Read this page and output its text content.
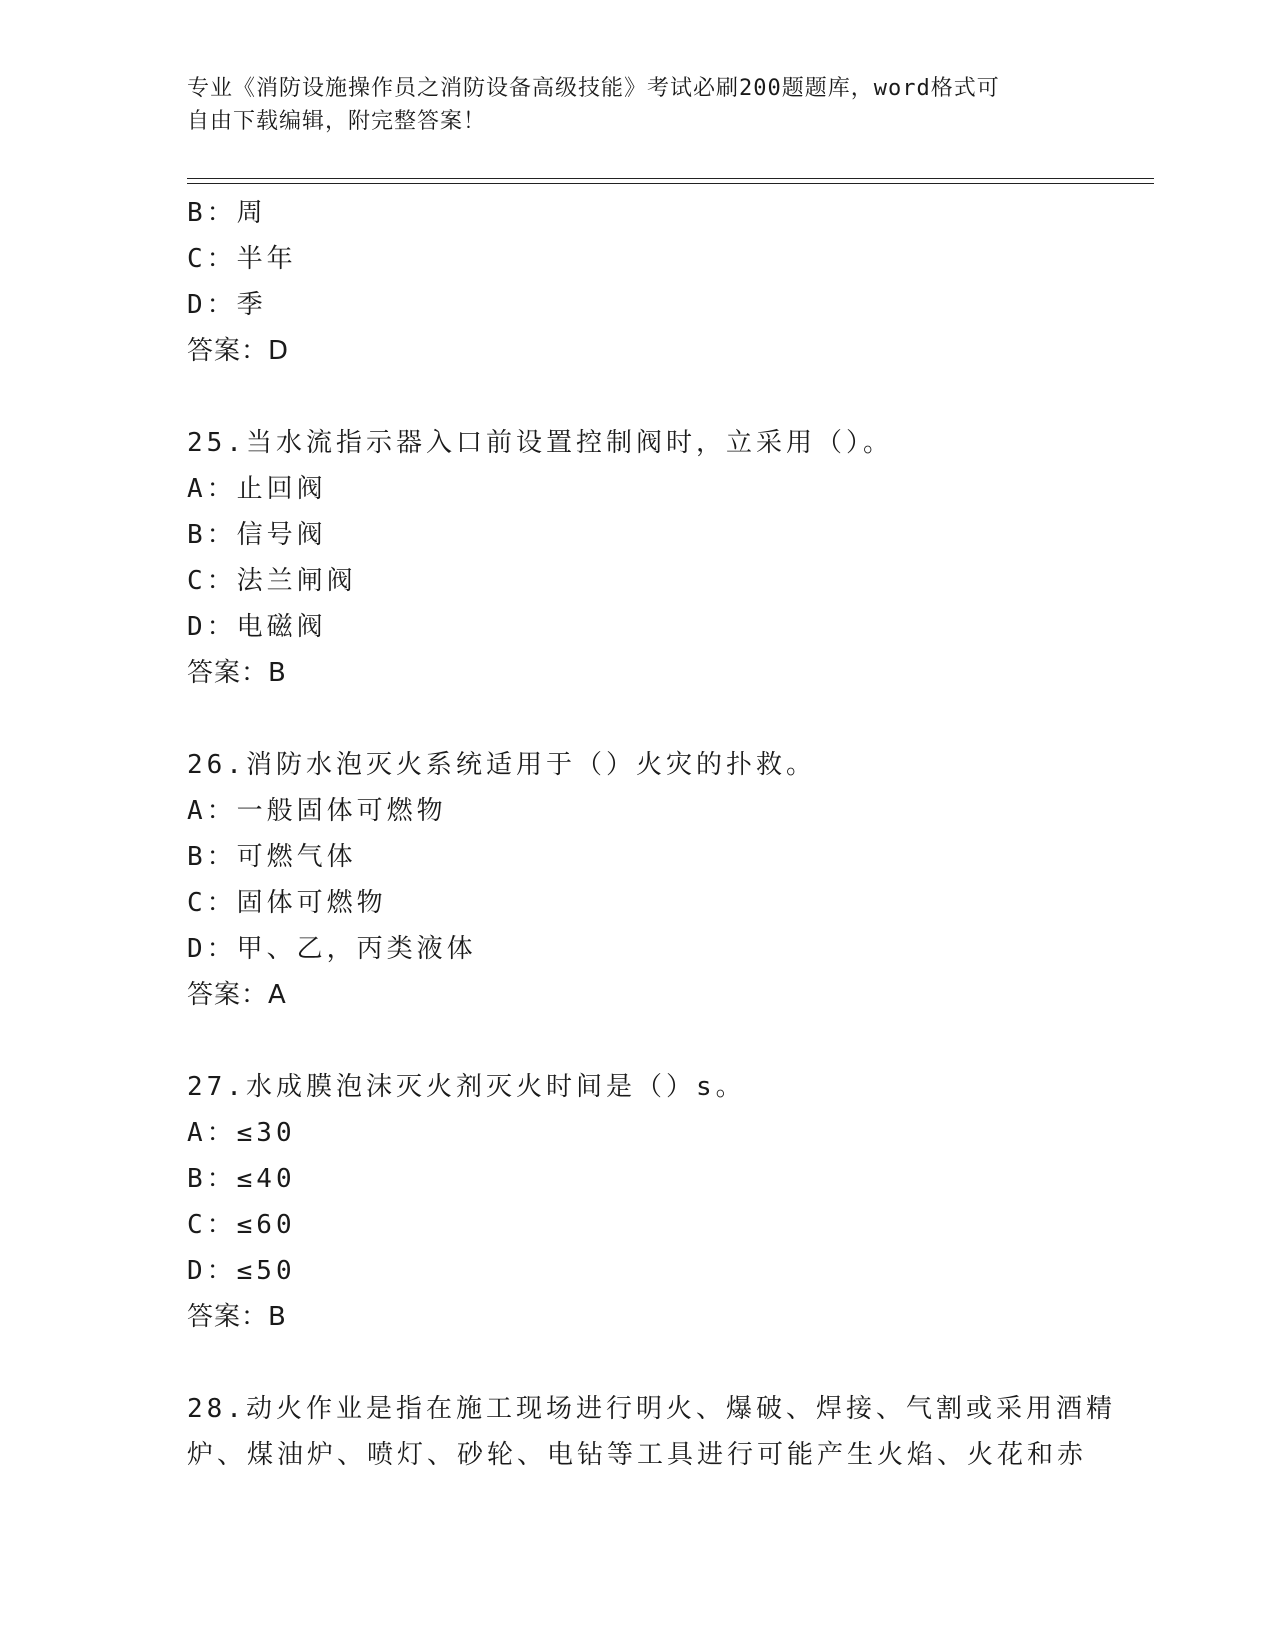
专业《消防设施操作员之消防设备高级技能》考试必刷200题题库，word格式可
自由下载编辑，附完整答案！
B：周
C：半年
D：季
答案：D
25.当水流指示器入口前设置控制阀时，立采用（）。
A：止回阀
B：信号阀
C：法兰闸阀
D：电磁阀
答案：B
26.消防水泡灭火系统适用于（）火灾的扑救。
A：一般固体可燃物
B：可燃气体
C：固体可燃物
D：甲、乙，丙类液体
答案：A
27.水成膜泡沫灭火剂灭火时间是（）s。
A：≤30
B：≤40
C：≤60
D：≤50
答案：B
28.动火作业是指在施工现场进行明火、爆破、焊接、气割或采用酒精
炉、煤油炉、喷灯、砂轮、电钻等工具进行可能产生火焰、火花和赤
